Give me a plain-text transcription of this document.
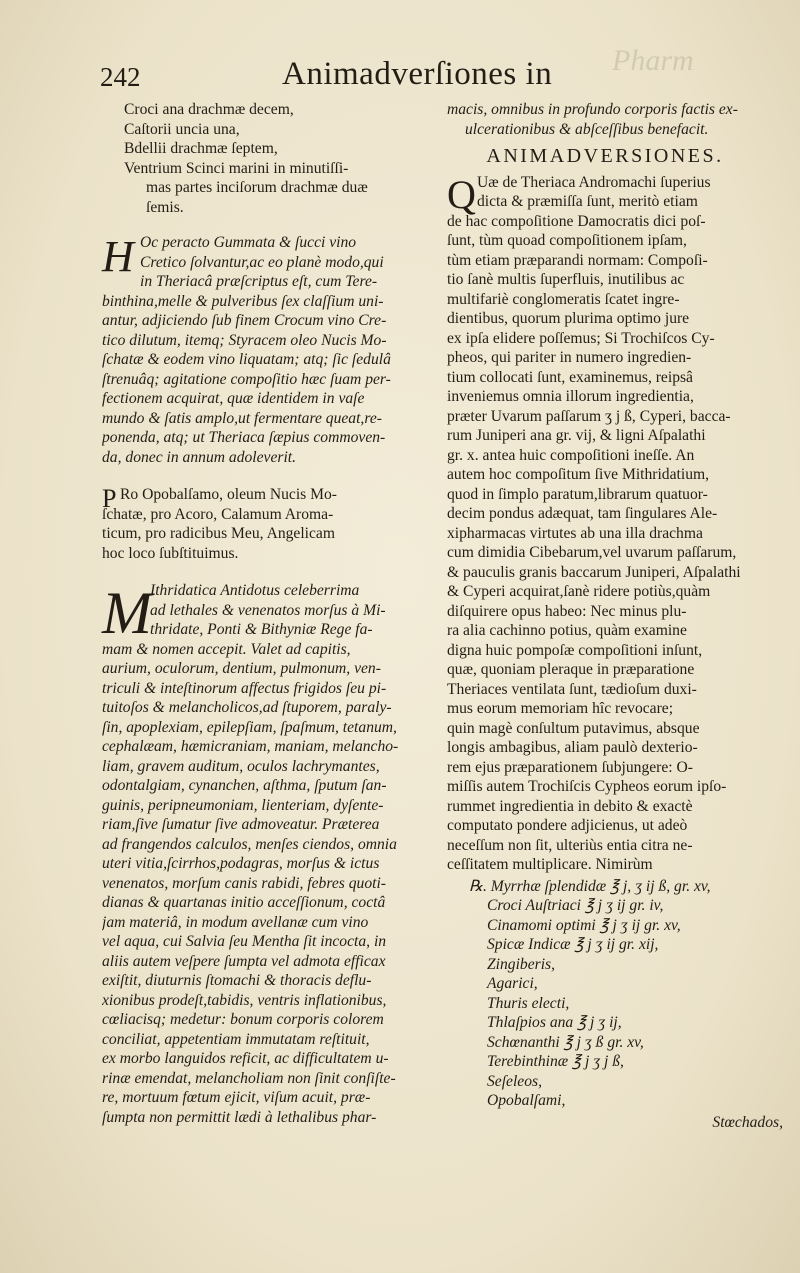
Pharm
242	Animadverſiones in
Croci ana drachmæ decem,
Caſtorii uncia una,
Bdellii drachmæ ſeptem,
Ventrium Scinci marini in minutiſſi-
mas partes inciſorum drachmæ duæ
ſemis.
H Oc peracto Gummata & ſucci vino
Cretico ſolvantur,ac eo planè modo,qui
in Theriacâ præſcriptus eſt, cum Tere-
binthina,melle & pulveribus ſex claſſium uni-
antur, adjiciendo ſub finem Crocum vino Cre-
tico dilutum, itemq; Styracem oleo Nucis Mo-
ſchatæ & eodem vino liquatam; atq; ſic ſedulâ
ſtrenuâq; agitatione compoſitio hæc ſuam per-
fectionem acquirat, quæ identidem in vaſe
mundo & ſatis amplo,ut fermentare queat,re-
ponenda, atq; ut Theriaca ſæpius commoven-
da, donec in annum adoleverit.
P Ro Opobalſamo, oleum Nucis Mo-
ſchatæ, pro Acoro, Calamum Aroma-
ticum, pro radicibus Meu, Angelicam
hoc loco ſubſtituimus.
M
Ithridatica Antidotus celeberrima
ad lethales & venenatos morſus à Mi-
thridate, Ponti & Bithyniæ Rege fa-
mam & nomen accepit. Valet ad capitis,
aurium, oculorum, dentium, pulmonum, ven-
triculi & inteſtinorum affectus frigidos ſeu pi-
tuitoſos & melancholicos,ad ſtuporem, paraly-
ſin, apoplexiam, epilepſiam, ſpaſmum, tetanum,
cephalæam, hæmicraniam, maniam, melancho-
liam, gravem auditum, oculos lachrymantes,
odontalgiam, cynanchen, aſthma, ſputum ſan-
guinis, peripneumoniam, lienteriam, dyſente-
riam,ſive ſumatur ſive admoveatur. Præterea
ad frangendos calculos, menſes ciendos, omnia
uteri vitia,ſcirrhos,podagras, morſus & ictus
venenatos, morſum canis rabidi, febres quoti-
dianas & quartanas initio acceſſionum, coctâ
jam materiâ, in modum avellanæ cum vino
vel aqua, cui Salvia ſeu Mentha ſit incocta, in
aliis autem veſpere ſumpta vel admota efficax
exiſtit, diuturnis ſtomachi & thoracis deflu-
xionibus prodeſt,tabidis, ventris inflationibus,
cœliacisq; medetur: bonum corporis colorem
conciliat, appetentiam immutatam reſtituit,
ex morbo languidos reficit, ac difficultatem u-
rinæ emendat, melancholiam non ſinit conſiſte-
re, mortuum fœtum ejicit, viſum acuit, præ-
ſumpta non permittit lædi à lethalibus phar-
macis, omnibus in profundo corporis factis ex-
ulcerationibus & abſceſſibus benefacit.
ANIMADVERSIONES.
Q Uæ de Theriaca Andromachi ſuperius
dicta & præmiſſa ſunt, meritò etiam
de hac compoſitione Damocratis dici poſ-
ſunt, tùm quoad compoſitionem ipſam,
tùm etiam præparandi normam: Compoſi-
tio ſanè multis ſuperfluis, inutilibus ac
multifariè conglomeratis ſcatet ingre-
dientibus, quorum plurima optimo jure
ex ipſa elidere poſſemus; Si Trochiſcos Cy-
pheos, qui pariter in numero ingredien-
tium collocati ſunt, examinemus, reipsâ
inveniemus omnia illorum ingredientia,
præter Uvarum paſſarum ʒ j ß, Cyperi, bacca-
rum Juniperi ana gr. vij, & ligni Aſpalathi
gr. x. antea huic compoſitioni ineſſe. An
autem hoc compoſitum ſive Mithridatium,
quod in ſimplo paratum,librarum quatuor-
decim pondus adæquat, tam ſingulares Ale-
xipharmacas virtutes ab una illa drachma
cum dimidia Cibebarum,vel uvarum paſſarum,
& pauculis granis baccarum Juniperi, Aſpalathi
& Cyperi acquirat,ſanè ridere potiùs,quàm
diſquirere opus habeo: Nec minus plu-
ra alia cachinno potius, quàm examine
digna huic pompoſæ compoſitioni inſunt,
quæ, quoniam pleraque in præparatione
Theriaces ventilata ſunt, tædioſum duxi-
mus eorum memoriam hîc revocare;
quin magè conſultum putavimus, absque
longis ambagibus, aliam paulò dexterio-
rem ejus præparationem ſubjungere: O-
miſſis autem Trochiſcis Cypheos eorum ipſo-
rummet ingredientia in debito & exactè
computato pondere adjicienus, ut adeò
neceſſum non ſit, ulteriùs entia citra ne-
ceſſitatem multiplicare. Nimirùm
℞. Myrrhæ ſplendidæ ℥ j, ʒ ij ß, gr. xv,
Croci Auſtriaci ℥ j ʒ ij gr. iv,
Cinamomi optimi ℥ j ʒ ij gr. xv,
Spicæ Indicæ ℥ j ʒ ij gr. xij,
Zingiberis,
Agarici,
Thuris electi,
Thlaſpios ana ℥ j ʒ ij,
Schœnanthi ℥ j ʒ ß gr. xv,
Terebinthinæ ℥ j ʒ j ß,
Seſeleos,
Opobalſami,
Stœchados,
